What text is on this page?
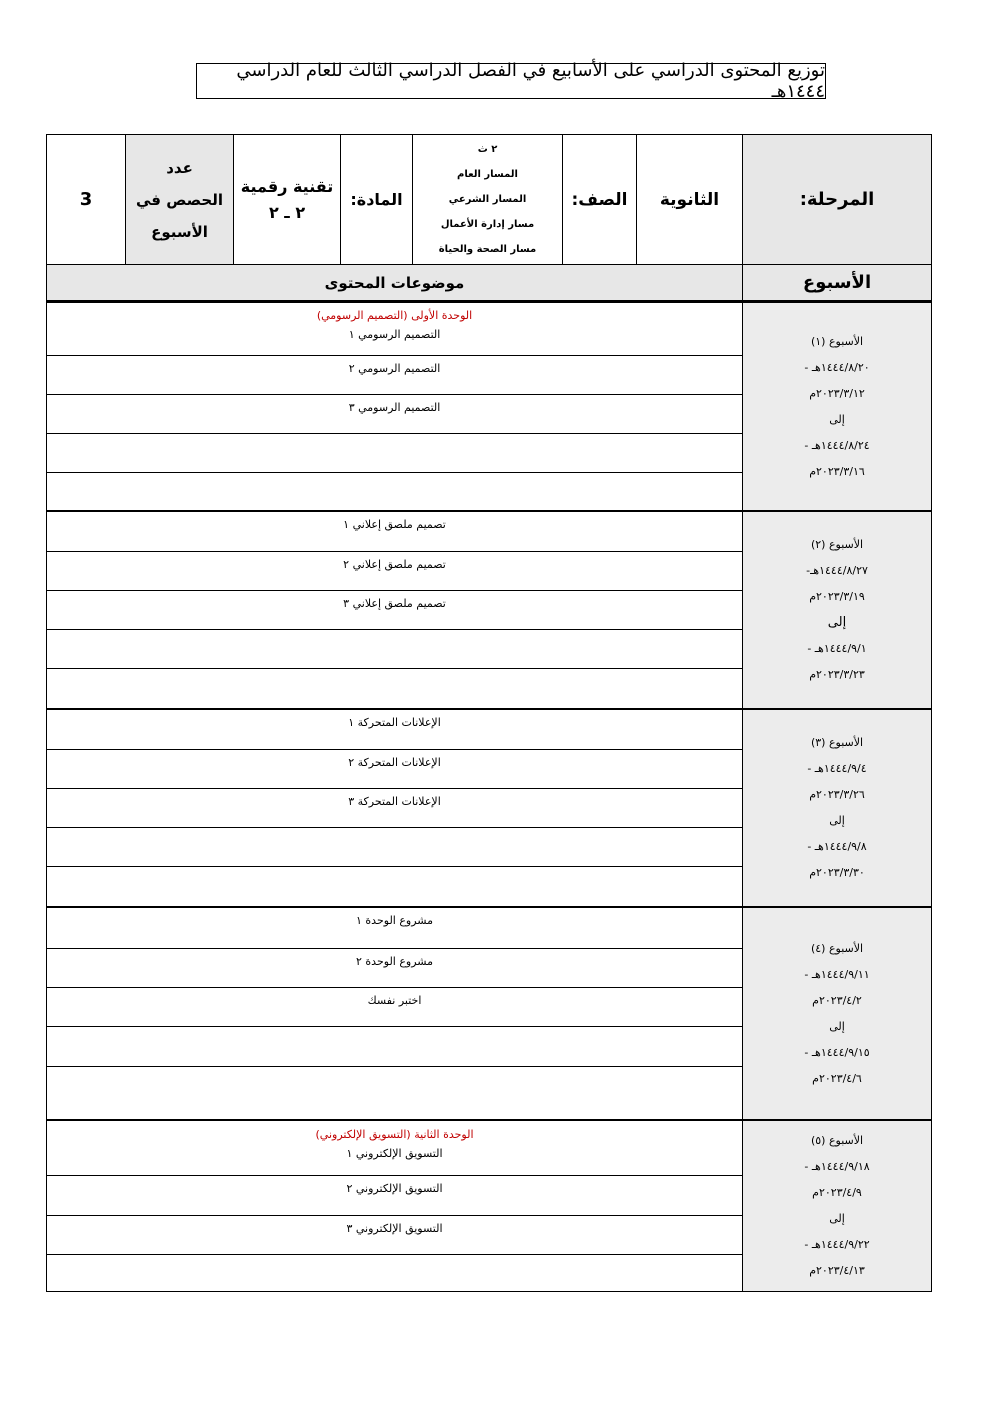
توزيع المحتوى الدراسي على الأسابيع في الفصل الدراسي الثالث للعام الدراسي ١٤٤٤هـ
المرحلة:
الثانوية
الصف:
٢ ث
المسار العام
المسار الشرعي
مسار إدارة الأعمال
مسار الصحة والحياة
المادة:
تقنية رقمية
٢ ـ ٢
عدد
الحصص في
الأسبوع
3
الأسبوع
موضوعات المحتوى
الأسبوع (١)
١٤٤٤/٨/٢٠هـ -
٢٠٢٣/٣/١٢م
إلى
١٤٤٤/٨/٢٤هـ -
٢٠٢٣/٣/١٦م
الوحدة الأولى (التصميم الرسومي)
التصميم الرسومي ١
التصميم الرسومي ٢
التصميم الرسومي ٣
الأسبوع (٢)
١٤٤٤/٨/٢٧هـ-
٢٠٢٣/٣/١٩م
إلى
١٤٤٤/٩/١هـ -
٢٠٢٣/٣/٢٣م
تصميم ملصق إعلاني ١
تصميم ملصق إعلاني ٢
تصميم ملصق إعلاني ٣
الأسبوع (٣)
١٤٤٤/٩/٤هـ -
٢٠٢٣/٣/٢٦م
إلى
١٤٤٤/٩/٨هـ -
٢٠٢٣/٣/٣٠م
الإعلانات المتحركة ١
الإعلانات المتحركة ٢
الإعلانات المتحركة ٣
الأسبوع (٤)
١٤٤٤/٩/١١هـ -
٢٠٢٣/٤/٢م
إلى
١٤٤٤/٩/١٥هـ -
٢٠٢٣/٤/٦م
مشروع الوحدة ١
مشروع الوحدة ٢
اختبر نفسك
الأسبوع (٥)
١٤٤٤/٩/١٨هـ -
٢٠٢٣/٤/٩م
إلى
١٤٤٤/٩/٢٢هـ -
٢٠٢٣/٤/١٣م
الوحدة الثانية (التسويق الإلكتروني)
التسويق الإلكتروني ١
التسويق الإلكتروني ٢
التسويق الإلكتروني ٣
